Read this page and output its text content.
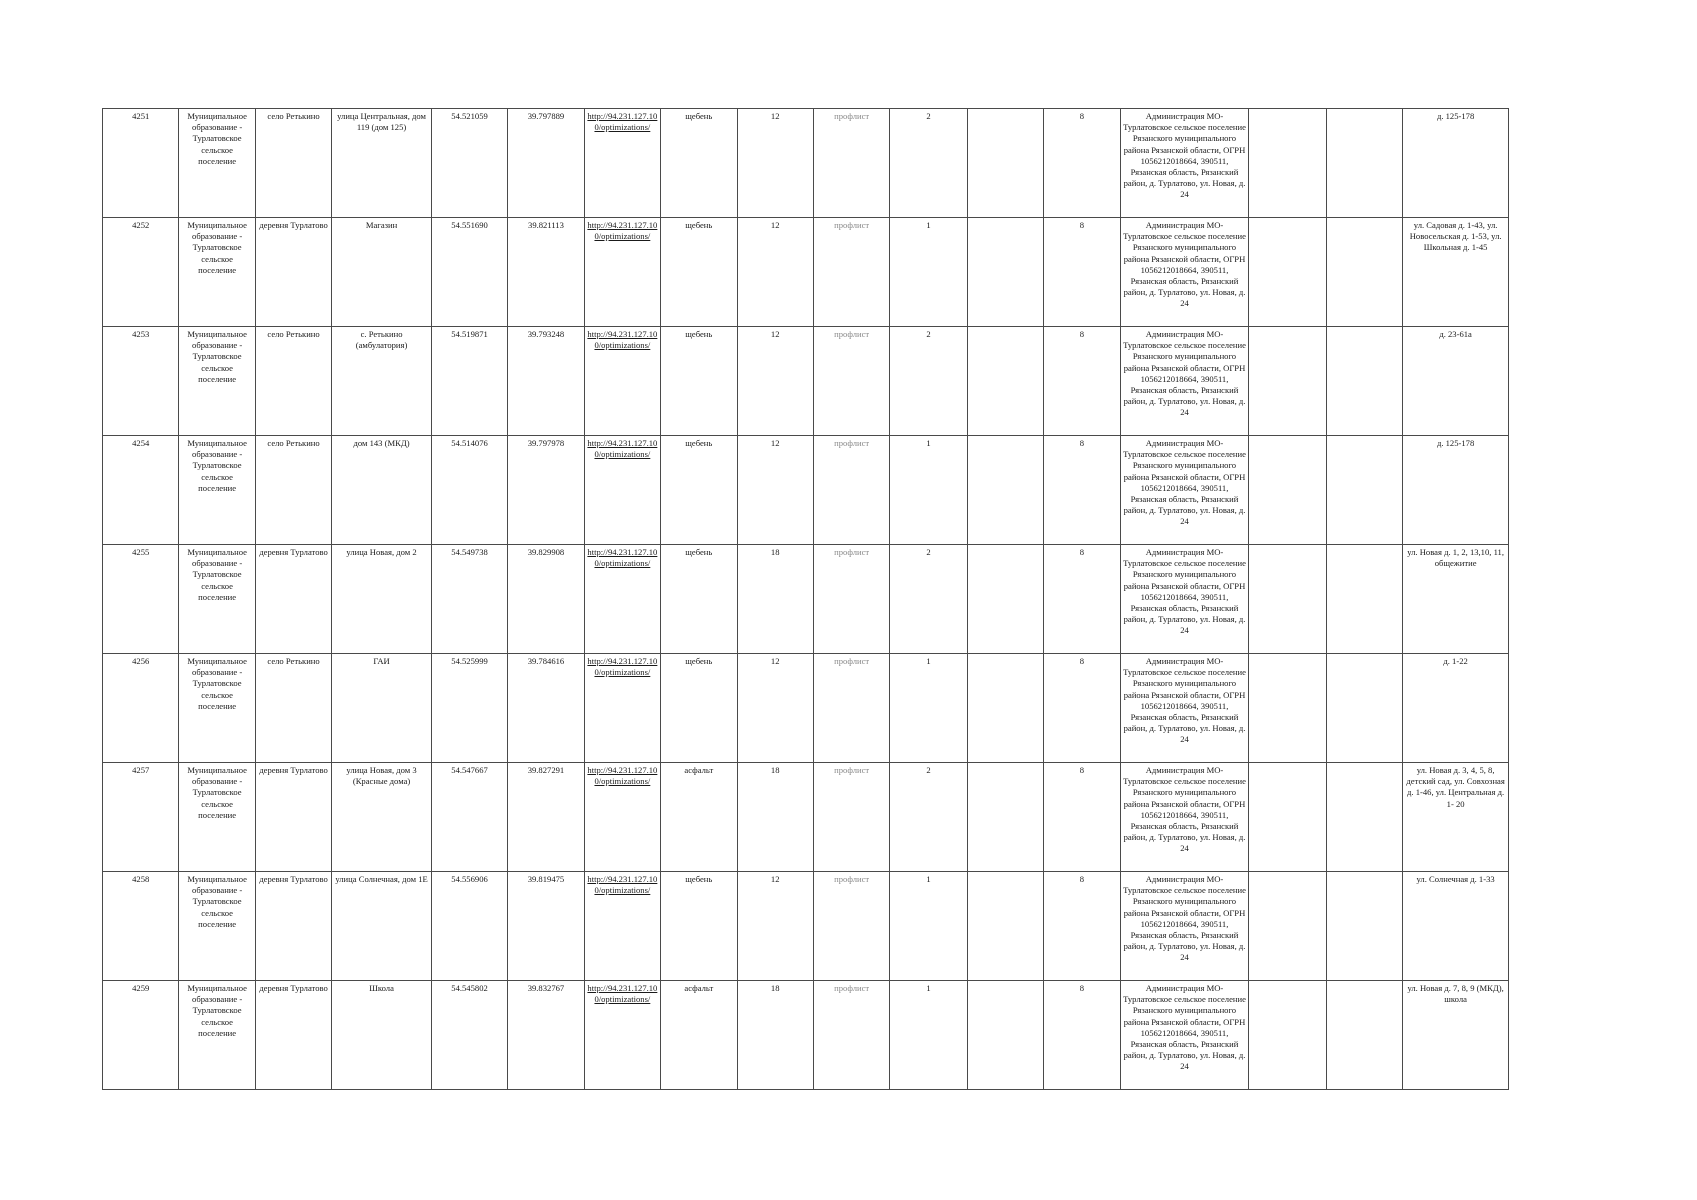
4251	Муниципальное образование - Турлатовское сельское поселение	село Ретькино	улица Центральная, дом 119 (дом 125)	54.521059	39.797889	http://94.231.127.10 0/optimizations/	щебень	12	профлист	2		8	Администрация МО-Турлатовское сельское поселение Рязанского муниципального района Рязанской области, ОГРН 1056212018664, 390511, Рязанская область, Рязанский район, д. Турлатово, ул. Новая, д. 24			д. 125-178
4252	Муниципальное образование - Турлатовское сельское поселение	деревня Турлатово	Магазин	54.551690	39.821113	http://94.231.127.10 0/optimizations/	щебень	12	профлист	1		8	Администрация МО-Турлатовское сельское поселение Рязанского муниципального района Рязанской области, ОГРН 1056212018664, 390511, Рязанская область, Рязанский район, д. Турлатово, ул. Новая, д. 24			ул. Садовая д. 1-43, ул. Новосельская д. 1-53, ул. Школьная д. 1-45
4253	Муниципальное образование - Турлатовское сельское поселение	село Ретькино	с. Ретькино (амбулатория)	54.519871	39.793248	http://94.231.127.10 0/optimizations/	щебень	12	профлист	2		8	Администрация МО-Турлатовское сельское поселение Рязанского муниципального района Рязанской области, ОГРН 1056212018664, 390511, Рязанская область, Рязанский район, д. Турлатово, ул. Новая, д. 24			д. 23-61а
4254	Муниципальное образование - Турлатовское сельское поселение	село Ретькино	дом 143 (МКД)	54.514076	39.797978	http://94.231.127.10 0/optimizations/	щебень	12	профлист	1		8	Администрация МО-Турлатовское сельское поселение Рязанского муниципального района Рязанской области, ОГРН 1056212018664, 390511, Рязанская область, Рязанский район, д. Турлатово, ул. Новая, д. 24			д. 125-178
4255	Муниципальное образование - Турлатовское сельское поселение	деревня Турлатово	улица Новая, дом 2	54.549738	39.829908	http://94.231.127.10 0/optimizations/	щебень	18	профлист	2		8	Администрация МО-Турлатовское сельское поселение Рязанского муниципального района Рязанской области, ОГРН 1056212018664, 390511, Рязанская область, Рязанский район, д. Турлатово, ул. Новая, д. 24			ул. Новая д. 1, 2, 13,10, 11, общежитие
4256	Муниципальное образование - Турлатовское сельское поселение	село Ретькино	ГАИ	54.525999	39.784616	http://94.231.127.10 0/optimizations/	щебень	12	профлист	1		8	Администрация МО-Турлатовское сельское поселение Рязанского муниципального района Рязанской области, ОГРН 1056212018664, 390511, Рязанская область, Рязанский район, д. Турлатово, ул. Новая, д. 24			д. 1-22
4257	Муниципальное образование - Турлатовское сельское поселение	деревня Турлатово	улица Новая, дом 3 (Красные дома)	54.547667	39.827291	http://94.231.127.10 0/optimizations/	асфальт	18	профлист	2		8	Администрация МО-Турлатовское сельское поселение Рязанского муниципального района Рязанской области, ОГРН 1056212018664, 390511, Рязанская область, Рязанский район, д. Турлатово, ул. Новая, д. 24			ул. Новая д. 3, 4, 5, 8, детский сад, ул. Совхозная д. 1-46, ул. Центральная д. 1- 20
4258	Муниципальное образование - Турлатовское сельское поселение	деревня Турлатово	улица Солнечная, дом 1Е	54.556906	39.819475	http://94.231.127.10 0/optimizations/	щебень	12	профлист	1		8	Администрация МО-Турлатовское сельское поселение Рязанского муниципального района Рязанской области, ОГРН 1056212018664, 390511, Рязанская область, Рязанский район, д. Турлатово, ул. Новая, д. 24			ул. Солнечная д. 1-33
4259	Муниципальное образование - Турлатовское сельское поселение	деревня Турлатово	Школа	54.545802	39.832767	http://94.231.127.10 0/optimizations/	асфальт	18	профлист	1		8	Администрация МО-Турлатовское сельское поселение Рязанского муниципального района Рязанской области, ОГРН 1056212018664, 390511, Рязанская область, Рязанский район, д. Турлатово, ул. Новая, д. 24			ул. Новая д. 7, 8, 9 (МКД), школа
